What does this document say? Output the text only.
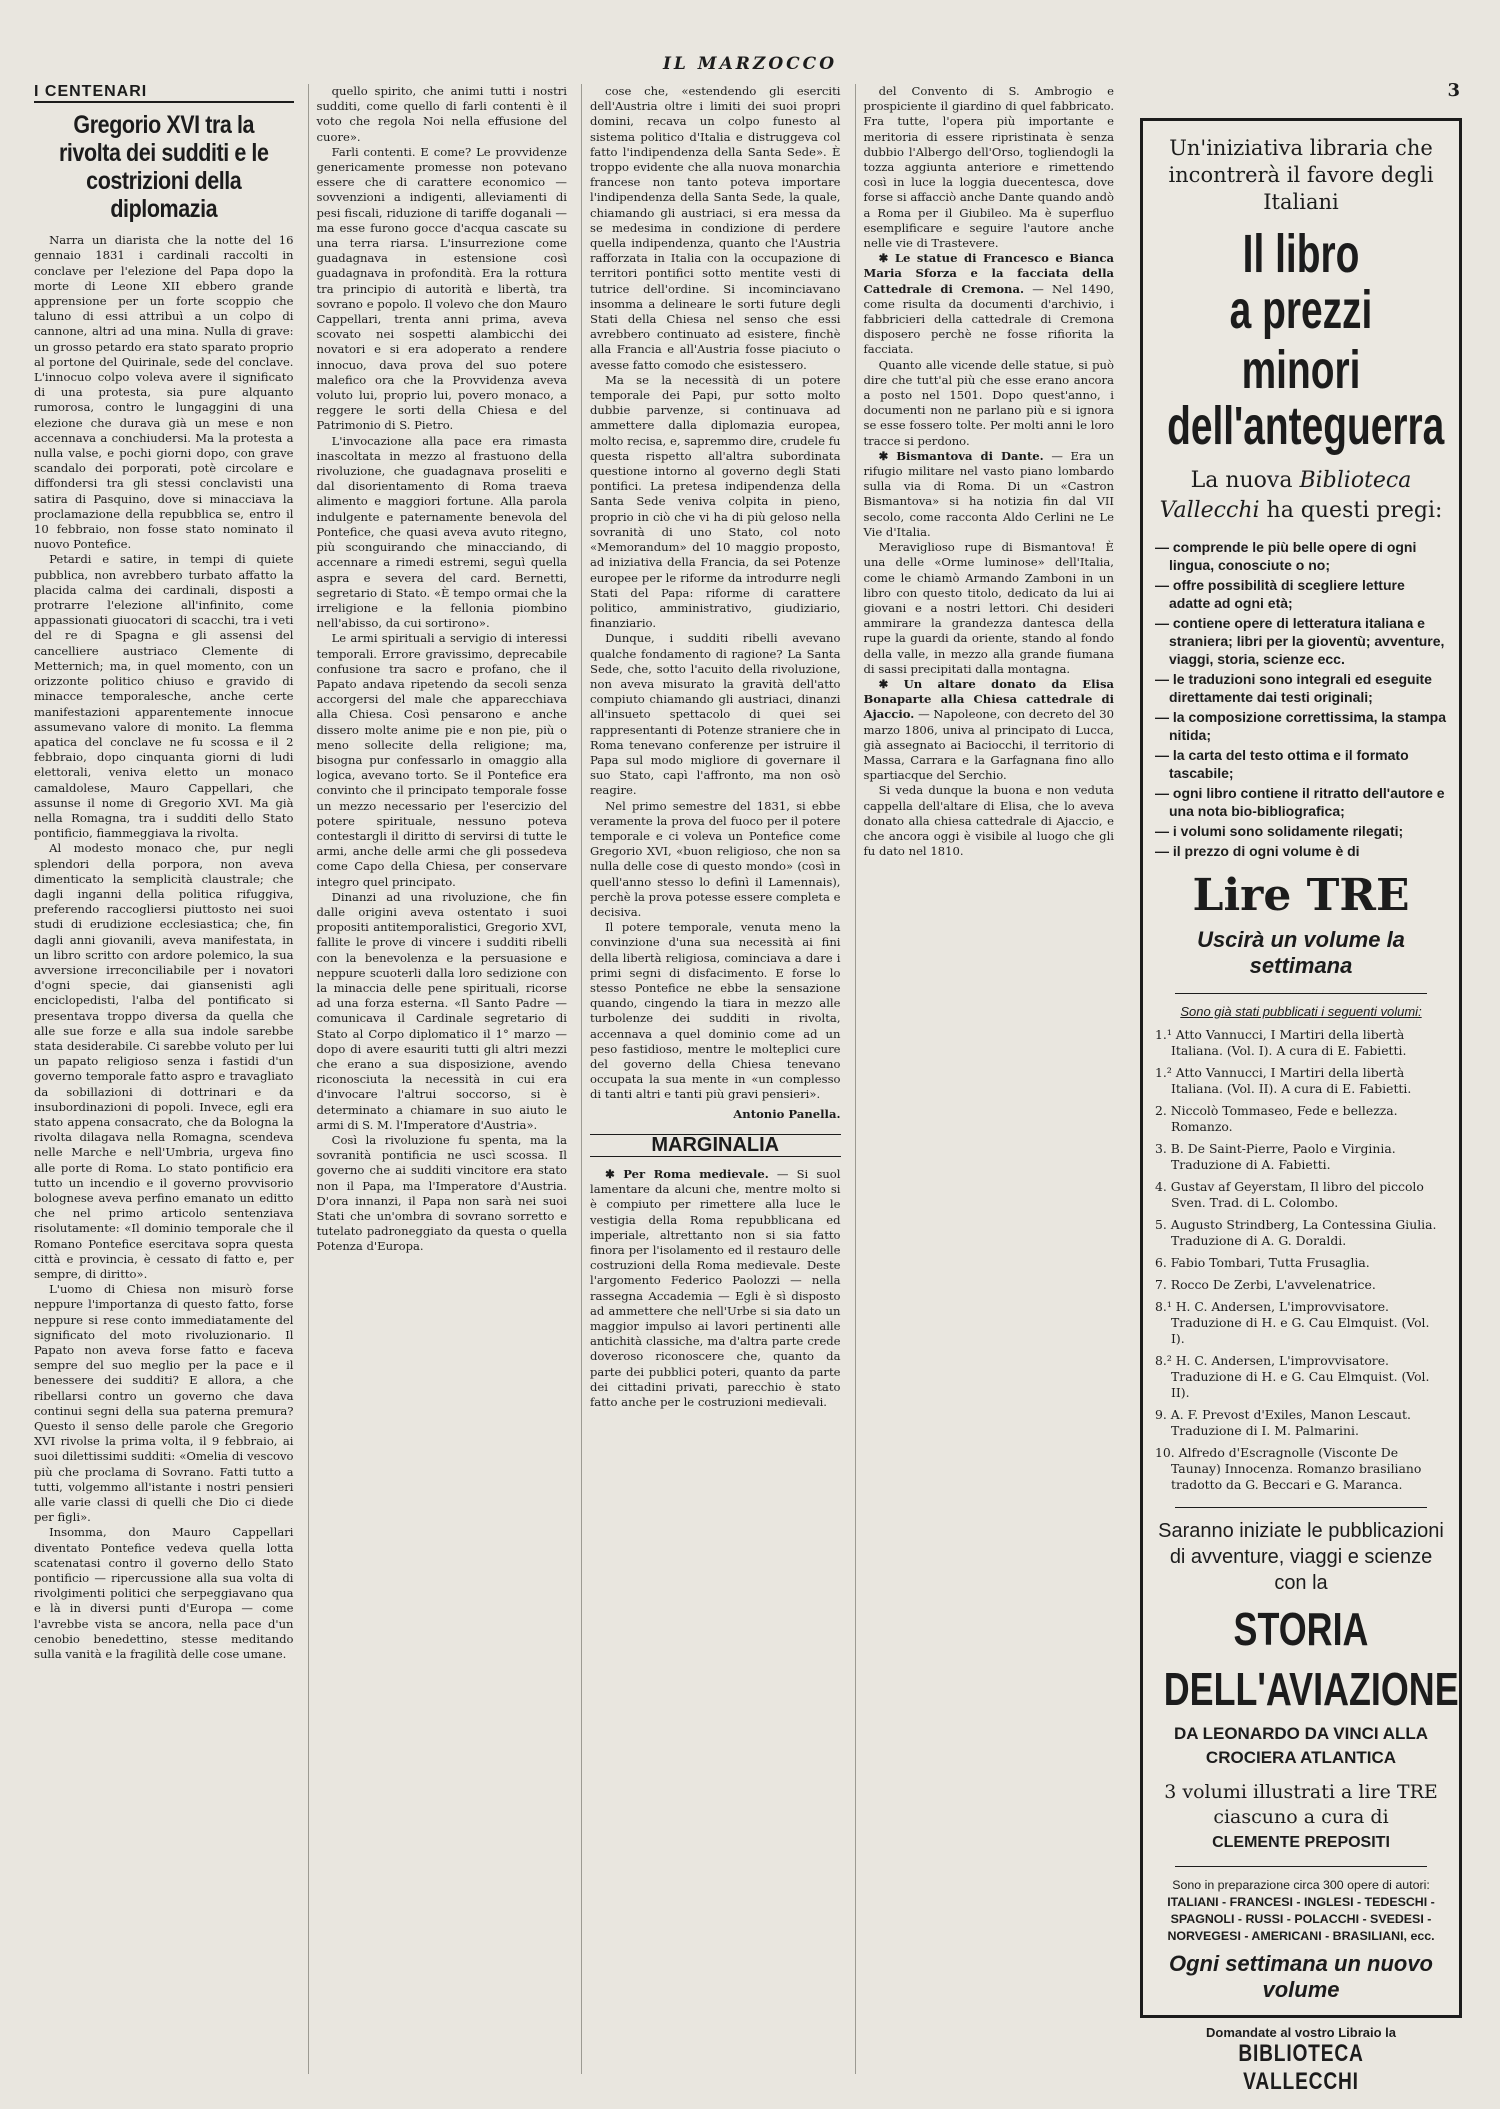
IL MARZOCCO
3
I CENTENARI
Gregorio XVI tra la rivolta dei sudditi e le costrizioni della diplomazia

Narra un diarista che la notte del 16 gennaio 1831 i cardinali raccolti in conclave per l'elezione del Papa dopo la morte di Leone XII ebbero grande apprensione per un forte scoppio che taluno di essi attribuì a un colpo di cannone, altri ad una mina. Nulla di grave: un grosso petardo era stato sparato proprio al portone del Quirinale, sede del conclave. L'innocuo colpo voleva avere il significato di una protesta, sia pure alquanto rumorosa, contro le lungaggini di una elezione che durava già un mese e non accennava a conchiudersi. Ma la protesta a nulla valse, e pochi giorni dopo, con grave scandalo dei porporati, potè circolare e diffondersi tra gli stessi conclavisti una satira di Pasquino, dove si minacciava la proclamazione della repubblica se, entro il 10 febbraio, non fosse stato nominato il nuovo Pontefice.

Petardi e satire, in tempi di quiete pubblica, non avrebbero turbato affatto la placida calma dei cardinali, disposti a protrarre l'elezione all'infinito, come appassionati giuocatori di scacchi, tra i veti del re di Spagna e gli assensi del cancelliere austriaco Clemente di Metternich; ma, in quel momento, con un orizzonte politico chiuso e gravido di minacce temporalesche, anche certe manifestazioni apparentemente innocue assumevano valore di monito. La flemma apatica del conclave ne fu scossa e il 2 febbraio, dopo cinquanta giorni di ludi elettorali, veniva eletto un monaco camaldolese, Mauro Cappellari, che assunse il nome di Gregorio XVI. Ma già nella Romagna, tra i sudditi dello Stato pontificio, fiammeggiava la rivolta.

Al modesto monaco che, pur negli splendori della porpora, non aveva dimenticato la semplicità claustrale; che dagli inganni della politica rifuggiva, preferendo raccogliersi piuttosto nei suoi studi di erudizione ecclesiastica; che, fin dagli anni giovanili, aveva manifestata, in un libro scritto con ardore polemico, la sua avversione irreconciliabile per i novatori d'ogni specie, dai giansenisti agli enciclopedisti, l'alba del pontificato si presentava troppo diversa da quella che alle sue forze e alla sua indole sarebbe stata desiderabile. Ci sarebbe voluto per lui un papato religioso senza i fastidi d'un governo temporale fatto aspro e travagliato da sobillazioni di dottrinari e da insubordinazioni di popoli. Invece, egli era stato appena consacrato, che da Bologna la rivolta dilagava nella Romagna, scendeva nelle Marche e nell'Umbria, urgeva fino alle porte di Roma. Lo stato pontificio era tutto un incendio e il governo provvisorio bolognese aveva perfino emanato un editto che nel primo articolo sentenziava risolutamente: «Il dominio temporale che il Romano Pontefice esercitava sopra questa città e provincia, è cessato di fatto e, per sempre, di diritto».

L'uomo di Chiesa non misurò forse neppure l'importanza di questo fatto, forse neppure si rese conto immediatamente del significato del moto rivoluzionario. Il Papato non aveva forse fatto e faceva sempre del suo meglio per la pace e il benessere dei sudditi? E allora, a che ribellarsi contro un governo che dava continui segni della sua paterna premura? Questo il senso delle parole che Gregorio XVI rivolse la prima volta, il 9 febbraio, ai suoi dilettissimi sudditi: «Omelia di vescovo più che proclama di Sovrano. Fatti tutto a tutti, volgemmo all'istante i nostri pensieri alle varie classi di quelli che Dio ci diede per figli».

Insomma, don Mauro Cappellari diventato Pontefice vedeva quella lotta scatenatasi contro il governo dello Stato pontificio — ripercussione alla sua volta di rivolgimenti politici che serpeggiavano qua e là in diversi punti d'Europa — come l'avrebbe vista se ancora, nella pace d'un cenobio benedettino, stesse meditando sulla vanità e la fragilità delle cose umane.

quello spirito, che animi tutti i nostri sudditi, come quello di farli contenti è il voto che regola Noi nella effusione del cuore».

Farli contenti. E come? Le provvidenze genericamente promesse non potevano essere che di carattere economico — sovvenzioni a indigenti, alleviamenti di pesi fiscali, riduzione di tariffe doganali — ma esse furono gocce d'acqua cascate su una terra riarsa. L'insurrezione come guadagnava in estensione così guadagnava in profondità. Era la rottura tra principio di autorità e libertà, tra sovrano e popolo. Il volevo che don Mauro Cappellari, trenta anni prima, aveva scovato nei sospetti alambicchi dei novatori e si era adoperato a rendere innocuo, dava prova del suo potere malefico ora che la Provvidenza aveva voluto lui, proprio lui, povero monaco, a reggere le sorti della Chiesa e del Patrimonio di S. Pietro.

L'invocazione alla pace era rimasta inascoltata in mezzo al frastuono della rivoluzione, che guadagnava proseliti e dal disorientamento di Roma traeva alimento e maggiori fortune. Alla parola indulgente e paternamente benevola del Pontefice, che quasi aveva avuto ritegno, più sconguirando che minacciando, di accennare a rimedi estremi, seguì quella aspra e severa del card. Bernetti, segretario di Stato. «È tempo ormai che la irreligione e la fellonia piombino nell'abisso, da cui sortirono».

Le armi spirituali a servigio di interessi temporali. Errore gravissimo, deprecabile confusione tra sacro e profano, che il Papato andava ripetendo da secoli senza accorgersi del male che apparecchiava alla Chiesa. Così pensarono e anche dissero molte anime pie e non pie, più o meno sollecite della religione; ma, bisogna pur confessarlo in omaggio alla logica, avevano torto. Se il Pontefice era convinto che il principato temporale fosse un mezzo necessario per l'esercizio del potere spirituale, nessuno poteva contestargli il diritto di servirsi di tutte le armi, anche delle armi che gli possedeva come Capo della Chiesa, per conservare integro quel principato.

Dinanzi ad una rivoluzione, che fin dalle origini aveva ostentato i suoi propositi antitemporalistici, Gregorio XVI, fallite le prove di vincere i sudditi ribelli con la benevolenza e la persuasione e neppure scuoterli dalla loro sedizione con la minaccia delle pene spirituali, ricorse ad una forza esterna. «Il Santo Padre — comunicava il Cardinale segretario di Stato al Corpo diplomatico il 1° marzo — dopo di avere esauriti tutti gli altri mezzi che erano a sua disposizione, avendo riconosciuta la necessità in cui era d'invocare l'altrui soccorso, si è determinato a chiamare in suo aiuto le armi di S. M. l'Imperatore d'Austria».

Così la rivoluzione fu spenta, ma la sovranità pontificia ne uscì scossa. Il governo che ai sudditi vincitore era stato non il Papa, ma l'Imperatore d'Austria. D'ora innanzi, il Papa non sarà nei suoi Stati che un'ombra di sovrano sorretto e tutelato padroneggiato da questa o quella Potenza d'Europa.

cose che, «estendendo gli eserciti dell'Austria oltre i limiti dei suoi propri domini, recava un colpo funesto al sistema politico d'Italia e distruggeva col fatto l'indipendenza della Santa Sede». È troppo evidente che alla nuova monarchia francese non tanto poteva importare l'indipendenza della Santa Sede, la quale, chiamando gli austriaci, si era messa da se medesima in condizione di perdere quella indipendenza, quanto che l'Austria rafforzata in Italia con la occupazione di territori pontifici sotto mentite vesti di tutrice dell'ordine. Si incominciavano insomma a delineare le sorti future degli Stati della Chiesa nel senso che essi avrebbero continuato ad esistere, finchè alla Francia e all'Austria fosse piaciuto o avesse fatto comodo che esistessero.

Ma se la necessità di un potere temporale dei Papi, pur sotto molto dubbie parvenze, si continuava ad ammettere dalla diplomazia europea, molto recisa, e, sapremmo dire, crudele fu questa rispetto all'altra subordinata questione intorno al governo degli Stati pontifici. La pretesa indipendenza della Santa Sede veniva colpita in pieno, proprio in ciò che vi ha di più geloso nella sovranità di uno Stato, col noto «Memorandum» del 10 maggio proposto, ad iniziativa della Francia, da sei Potenze europee per le riforme da introdurre negli Stati del Papa: riforme di carattere politico, amministrativo, giudiziario, finanziario.

Dunque, i sudditi ribelli avevano qualche fondamento di ragione? La Santa Sede, che, sotto l'acuito della rivoluzione, non aveva misurato la gravità dell'atto compiuto chiamando gli austriaci, dinanzi all'insueto spettacolo di quei sei rappresentanti di Potenze straniere che in Roma tenevano conferenze per istruire il Papa sul modo migliore di governare il suo Stato, capì l'affronto, ma non osò reagire.

Nel primo semestre del 1831, si ebbe veramente la prova del fuoco per il potere temporale e ci voleva un Pontefice come Gregorio XVI, «buon religioso, che non sa nulla delle cose di questo mondo» (così in quell'anno stesso lo definì il Lamennais), perchè la prova potesse essere completa e decisiva.

Il potere temporale, venuta meno la convinzione d'una sua necessità ai fini della libertà religiosa, cominciava a dare i primi segni di disfacimento. E forse lo stesso Pontefice ne ebbe la sensazione quando, cingendo la tiara in mezzo alle turbolenze dei sudditi in rivolta, accennava a quel dominio come ad un peso fastidioso, mentre le molteplici cure del governo della Chiesa tenevano occupata la sua mente in «un complesso di tanti altri e tanti più gravi pensieri».

Antonio Panella.
MARGINALIA

✱ Per Roma medievale. — Si suol lamentare da alcuni che, mentre molto si è compiuto per rimettere alla luce le vestigia della Roma repubblicana ed imperiale, altrettanto non si sia fatto finora per l'isolamento ed il restauro delle costruzioni della Roma medievale. Deste l'argomento Federico Paolozzi — nella rassegna Accademia — Egli è sì disposto ad ammettere che nell'Urbe si sia dato un maggior impulso ai lavori pertinenti alle antichità classiche, ma d'altra parte crede doveroso riconoscere che, quanto da parte dei pubblici poteri, quanto da parte dei cittadini privati, parecchio è stato fatto anche per le costruzioni medievali.

del Convento di S. Ambrogio e prospiciente il giardino di quel fabbricato. Fra tutte, l'opera più importante e meritoria di essere ripristinata è senza dubbio l'Albergo dell'Orso, togliendogli la tozza aggiunta anteriore e rimettendo così in luce la loggia duecentesca, dove forse si affacciò anche Dante quando andò a Roma per il Giubileo. Ma è superfluo esemplificare e seguire l'autore anche nelle vie di Trastevere.

✱ Le statue di Francesco e Bianca Maria Sforza e la facciata della Cattedrale di Cremona. — Nel 1490, come risulta da documenti d'archivio, i fabbricieri della cattedrale di Cremona disposero perchè ne fosse rifiorita la facciata.

Quanto alle vicende delle statue, si può dire che tutt'al più che esse erano ancora a posto nel 1501. Dopo quest'anno, i documenti non ne parlano più e si ignora se esse fossero tolte. Per molti anni le loro tracce si perdono.

✱ Bismantova di Dante. — Era un rifugio militare nel vasto piano lombardo sulla via di Roma. Di un «Castron Bismantova» si ha notizia fin dal VII secolo, come racconta Aldo Cerlini ne Le Vie d'Italia.

Meraviglioso rupe di Bismantova! È una delle «Orme luminose» dell'Italia, come le chiamò Armando Zamboni in un libro con questo titolo, dedicato da lui ai giovani e a nostri lettori. Chi desideri ammirare la grandezza dantesca della rupe la guardi da oriente, stando al fondo della valle, in mezzo alla grande fiumana di sassi precipitati dalla montagna.

✱ Un altare donato da Elisa Bonaparte alla Chiesa cattedrale di Ajaccio. — Napoleone, con decreto del 30 marzo 1806, univa al principato di Lucca, già assegnato ai Baciocchi, il territorio di Massa, Carrara e la Garfagnana fino allo spartiacque del Serchio.

Si veda dunque la buona e non veduta cappella dell'altare di Elisa, che lo aveva donato alla chiesa cattedrale di Ajaccio, e che ancora oggi è visibile al luogo che gli fu dato nel 1810.

Un'iniziativa libraria che incontrerà il favore degli Italiani
Il libro
a prezzi minori
dell'anteguerra
La nuova Biblioteca Vallecchi ha questi pregi:
— comprende le più belle opere di ogni lingua, conosciute o no;
— offre possibilità di scegliere letture adatte ad ogni età;
— contiene opere di letteratura italiana e straniera; libri per la gioventù; avventure, viaggi, storia, scienze ecc.
— le traduzioni sono integrali ed eseguite direttamente dai testi originali;
— la composizione correttissima, la stampa nitida;
— la carta del testo ottima e il formato tascabile;
— ogni libro contiene il ritratto dell'autore e una nota bio-bibliografica;
— i volumi sono solidamente rilegati;
— il prezzo di ogni volume è di
Lire TRE
Uscirà un volume la settimana
Sono già stati pubblicati i seguenti volumi:
1.¹ Atto Vannucci, I Martiri della libertà Italiana. (Vol. I). A cura di E. Fabietti.
1.² Atto Vannucci, I Martiri della libertà Italiana. (Vol. II). A cura di E. Fabietti.
2. Niccolò Tommaseo, Fede e bellezza. Romanzo.
3. B. De Saint-Pierre, Paolo e Virginia. Traduzione di A. Fabietti.
4. Gustav af Geyerstam, Il libro del piccolo Sven. Trad. di L. Colombo.
5. Augusto Strindberg, La Contessina Giulia. Traduzione di A. G. Doraldi.
6. Fabio Tombari, Tutta Frusaglia.
7. Rocco De Zerbi, L'avvelenatrice.
8.¹ H. C. Andersen, L'improvvisatore. Traduzione di H. e G. Cau Elmquist. (Vol. I).
8.² H. C. Andersen, L'improvvisatore. Traduzione di H. e G. Cau Elmquist. (Vol. II).
9. A. F. Prevost d'Exiles, Manon Lescaut. Traduzione di I. M. Palmarini.
10. Alfredo d'Escragnolle (Visconte De Taunay) Innocenza. Romanzo brasiliano tradotto da G. Beccari e G. Maranca.
Saranno iniziate le pubblicazioni di avventure, viaggi e scienze con la
STORIA
DELL'AVIAZIONE
DA LEONARDO DA VINCI ALLA CROCIERA ATLANTICA
3 volumi illustrati a lire TRE ciascuno a cura di
CLEMENTE PREPOSITI
Sono in preparazione circa 300 opere di autori: ITALIANI - FRANCESI - INGLESI - TEDESCHI - SPAGNOLI - RUSSI - POLACCHI - SVEDESI - NORVEGESI - AMERICANI - BRASILIANI, ecc.
Ogni settimana un nuovo volume
Domandate al vostro Libraio la
BIBLIOTECA VALLECCHI
